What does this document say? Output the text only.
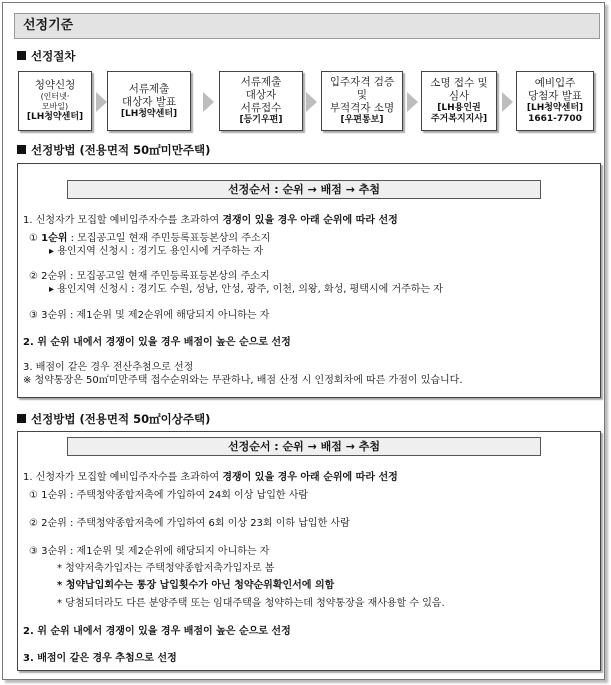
선정기준
선정절차
청약신청
(인터넷·
모바일)
[LH청약센터]
서류제출
대상자 발표
[LH청약센터]
서류제출
대상자
서류접수
[등기우편]
입주자격 검증
및
부적격자 소명
[우편통보]
소명 접수 및
심사
[LH용인권
주거복지지사]
예비입주
당첨자 발표
[LH청약센터]
1661-7700
선정방법 (전용면적 50㎡미만주택)
선정순서 : 순위 → 배점 → 추첨
1. 신청자가 모집할 예비입주자수를 초과하여 경쟁이 있을 경우 아래 순위에 따라 선정
① 1순위 : 모집공고일 현재 주민등록표등본상의 주소지
▸ 용인지역 신청시 : 경기도 용인시에 거주하는 자
② 2순위 : 모집공고일 현재 주민등록표등본상의 주소지
▸ 용인지역 신청시 : 경기도 수원, 성남, 안성, 광주, 이천, 의왕, 화성, 평택시에 거주하는 자
③ 3순위 : 제1순위 및 제2순위에 해당되지 아니하는 자
2. 위 순위 내에서 경쟁이 있을 경우 배점이 높은 순으로 선정
3. 배점이 같은 경우 전산추첨으로 선정
※ 청약통장은 50㎡미만주택 접수순위와는 무관하나, 배점 산정 시 인정회차에 따른 가점이 있습니다.
선정방법 (전용면적 50㎡이상주택)
선정순서 : 순위 → 배점 → 추첨
1. 신청자가 모집할 예비입주자수를 초과하여 경쟁이 있을 경우 아래 순위에 따라 선정
① 1순위 : 주택청약종합저축에 가입하여 24회 이상 납입한 사람
② 2순위 : 주택청약종합저축에 가입하여 6회 이상 23회 이하 납입한 사람
③ 3순위 : 제1순위 및 제2순위에 해당되지 아니하는 자
* 청약저축가입자는 주택청약종합저축가입자로 봄
* 청약납입회수는 통장 납입횟수가 아닌 청약순위확인서에 의함
* 당첨되더라도 다른 분양주택 또는 임대주택을 청약하는데 청약통장을 재사용할 수 있음.
2. 위 순위 내에서 경쟁이 있을 경우 배점이 높은 순으로 선정
3. 배점이 같은 경우 추첨으로 선정
